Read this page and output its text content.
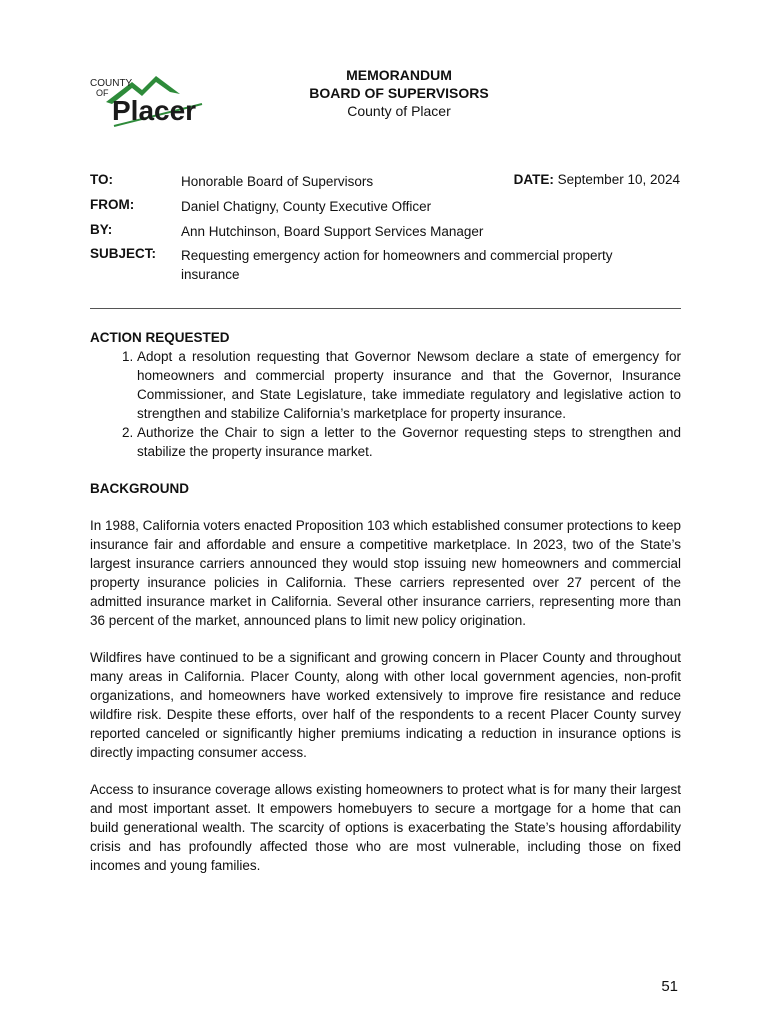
COUNTY
OF
Placer
MEMORANDUM
BOARD OF SUPERVISORS
County of Placer
TO:	Honorable Board of Supervisors	DATE: September 10, 2024
FROM:	Daniel Chatigny, County Executive Officer
BY:	Ann Hutchinson, Board Support Services Manager
SUBJECT: Requesting emergency action for homeowners and commercial property insurance
ACTION REQUESTED
1. Adopt a resolution requesting that Governor Newsom declare a state of emergency for homeowners and commercial property insurance and that the Governor, Insurance Commissioner, and State Legislature, take immediate regulatory and legislative action to strengthen and stabilize California’s marketplace for property insurance.
2. Authorize the Chair to sign a letter to the Governor requesting steps to strengthen and stabilize the property insurance market.
BACKGROUND

In 1988, California voters enacted Proposition 103 which established consumer protections to keep insurance fair and affordable and ensure a competitive marketplace. In 2023, two of the State’s largest insurance carriers announced they would stop issuing new homeowners and commercial property insurance policies in California. These carriers represented over 27 percent of the admitted insurance market in California. Several other insurance carriers, representing more than 36 percent of the market, announced plans to limit new policy origination.

Wildfires have continued to be a significant and growing concern in Placer County and throughout many areas in California. Placer County, along with other local government agencies, non-profit organizations, and homeowners have worked extensively to improve fire resistance and reduce wildfire risk. Despite these efforts, over half of the respondents to a recent Placer County survey reported canceled or significantly higher premiums indicating a reduction in insurance options is directly impacting consumer access.

Access to insurance coverage allows existing homeowners to protect what is for many their largest and most important asset. It empowers homebuyers to secure a mortgage for a home that can build generational wealth. The scarcity of options is exacerbating the State’s housing affordability crisis and has profoundly affected those who are most vulnerable, including those on fixed incomes and young families.

51
